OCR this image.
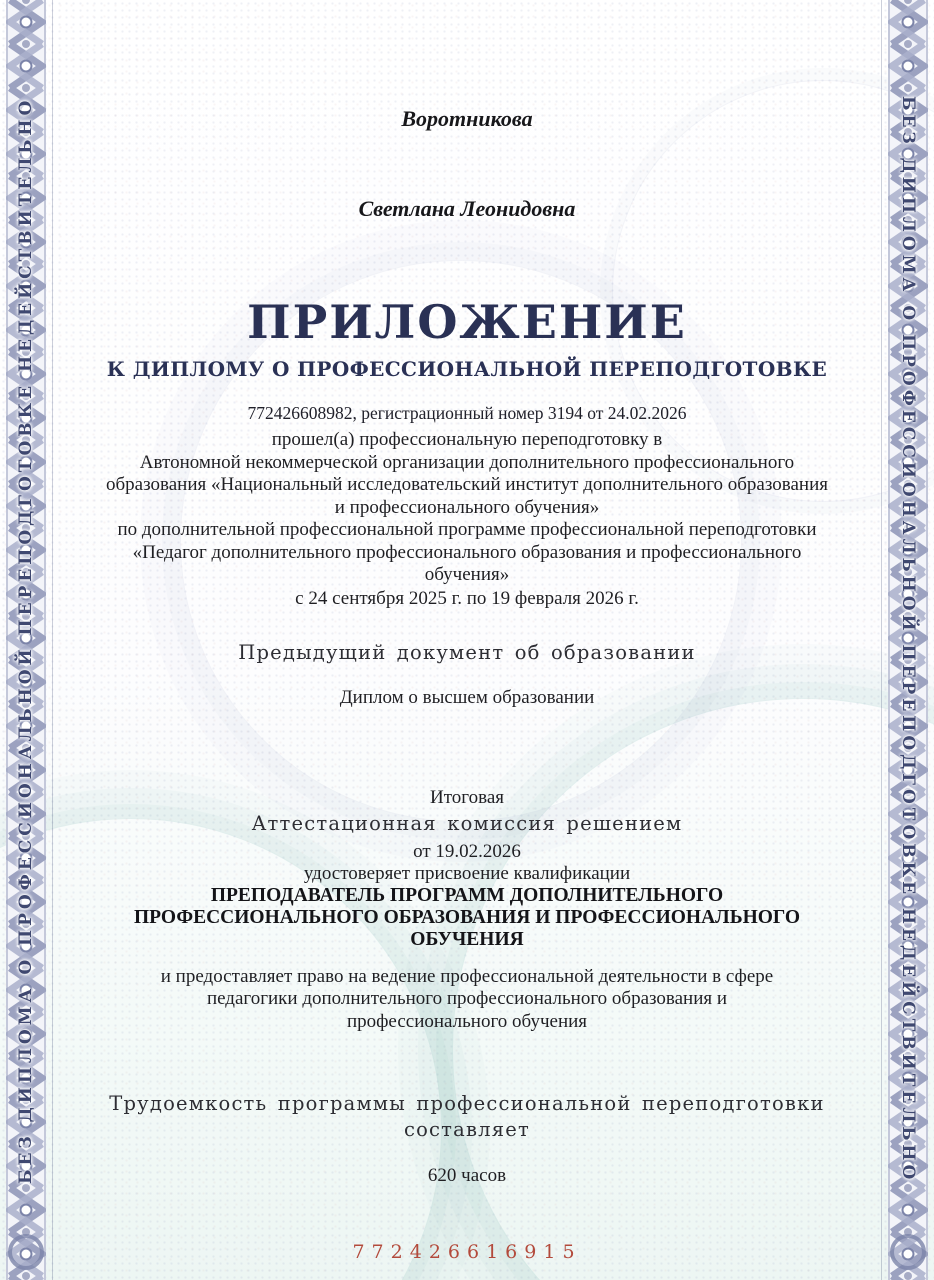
БЕЗ ДИПЛОМА О ПРОФЕССИОНАЛЬНОЙ ПЕРЕПОДГОТОВКЕ НЕДЕЙСТВИТЕЛЬНО	БЕЗ ДИПЛОМА О ПРОФЕССИОНАЛЬНОЙ ПЕРЕПОДГОТОВКЕ НЕДЕЙСТВИТЕЛЬНО
Воротникова
Светлана Леонидовна
ПРИЛОЖЕНИЕ
К ДИПЛОМУ О ПРОФЕССИОНАЛЬНОЙ ПЕРЕПОДГОТОВКЕ
772426608982, регистрационный номер 3194 от 24.02.2026
прошел(а) профессиональную переподготовку в
Автономной некоммерческой организации дополнительного профессионального
образования «Национальный исследовательский институт дополнительного образования
и профессионального обучения»
по дополнительной профессиональной программе профессиональной переподготовки
«Педагог дополнительного профессионального образования и профессионального
обучения»
с 24 сентября 2025 г. по 19 февраля 2026 г.
Предыдущий документ об образовании
Диплом о высшем образовании
Итоговая
Аттестационная комиссия решением
от 19.02.2026
удостоверяет присвоение квалификации
ПРЕПОДАВАТЕЛЬ ПРОГРАММ ДОПОЛНИТЕЛЬНОГО
ПРОФЕССИОНАЛЬНОГО ОБРАЗОВАНИЯ И ПРОФЕССИОНАЛЬНОГО
ОБУЧЕНИЯ
и предоставляет право на ведение профессиональной деятельности в сфере
педагогики дополнительного профессионального образования и
профессионального обучения
Трудоемкость программы профессиональной переподготовки составляет
620 часов
772426616915
